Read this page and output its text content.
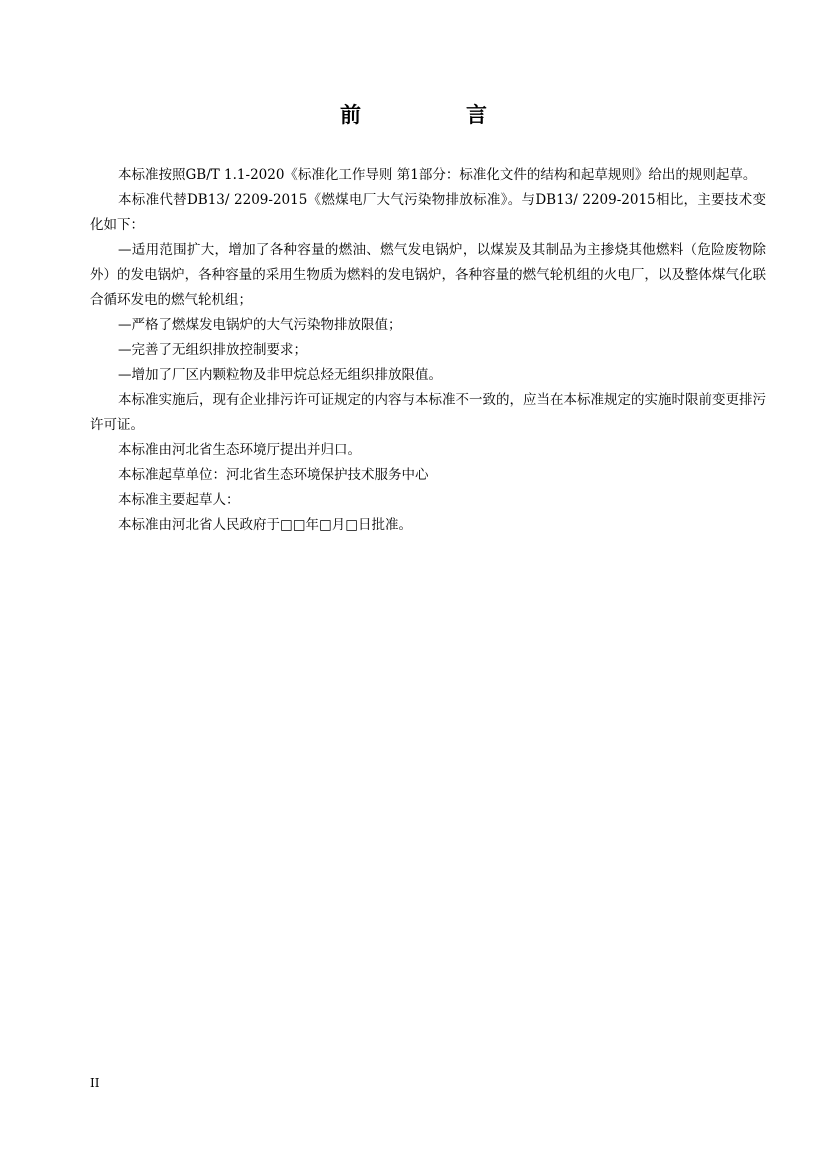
前　言

本标准按照GB/T 1.1-2020《标准化工作导则 第1部分：标准化文件的结构和起草规则》给出的规则起草。

本标准代替DB13/ 2209-2015《燃煤电厂大气污染物排放标准》。与DB13/ 2209-2015相比，主要技术变化如下：

—适用范围扩大，增加了各种容量的燃油、燃气发电锅炉，以煤炭及其制品为主掺烧其他燃料（危险废物除外）的发电锅炉，各种容量的采用生物质为燃料的发电锅炉，各种容量的燃气轮机组的火电厂，以及整体煤气化联合循环发电的燃气轮机组；

—严格了燃煤发电锅炉的大气污染物排放限值；

—完善了无组织排放控制要求；

—增加了厂区内颗粒物及非甲烷总烃无组织排放限值。

本标准实施后，现有企业排污许可证规定的内容与本标准不一致的，应当在本标准规定的实施时限前变更排污许可证。

本标准由河北省生态环境厅提出并归口。

本标准起草单位：河北省生态环境保护技术服务中心

本标准主要起草人：

本标准由河北省人民政府于□□年□月□日批准。

II
